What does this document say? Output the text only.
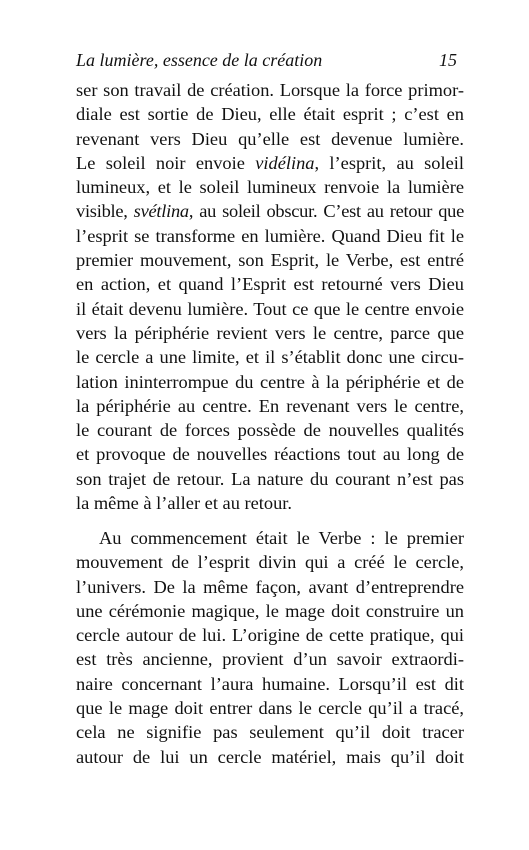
La lumière, essence de la création	15
ser son travail de création. Lorsque la force primor-
diale est sortie de Dieu, elle était esprit ; c’est en
revenant vers Dieu qu’elle est devenue lumière.
Le soleil noir envoie vidélina, l’esprit, au soleil
lumineux, et le soleil lumineux renvoie la lumière
visible, svétlina, au soleil obscur. C’est au retour que
l’esprit se transforme en lumière. Quand Dieu fit le
premier mouvement, son Esprit, le Verbe, est entré
en action, et quand l’Esprit est retourné vers Dieu
il était devenu lumière. Tout ce que le centre envoie
vers la périphérie revient vers le centre, parce que
le cercle a une limite, et il s’établit donc une circu-
lation ininterrompue du centre à la périphérie et de
la périphérie au centre. En revenant vers le centre,
le courant de forces possède de nouvelles qualités
et provoque de nouvelles réactions tout au long de
son trajet de retour. La nature du courant n’est pas
la même à l’aller et au retour.
Au commencement était le Verbe : le premier
mouvement de l’esprit divin qui a créé le cercle,
l’univers. De la même façon, avant d’entreprendre
une cérémonie magique, le mage doit construire un
cercle autour de lui. L’origine de cette pratique, qui
est très ancienne, provient d’un savoir extraordi-
naire concernant l’aura humaine. Lorsqu’il est dit
que le mage doit entrer dans le cercle qu’il a tracé,
cela ne signifie pas seulement qu’il doit tracer
autour de lui un cercle matériel, mais qu’il doit
